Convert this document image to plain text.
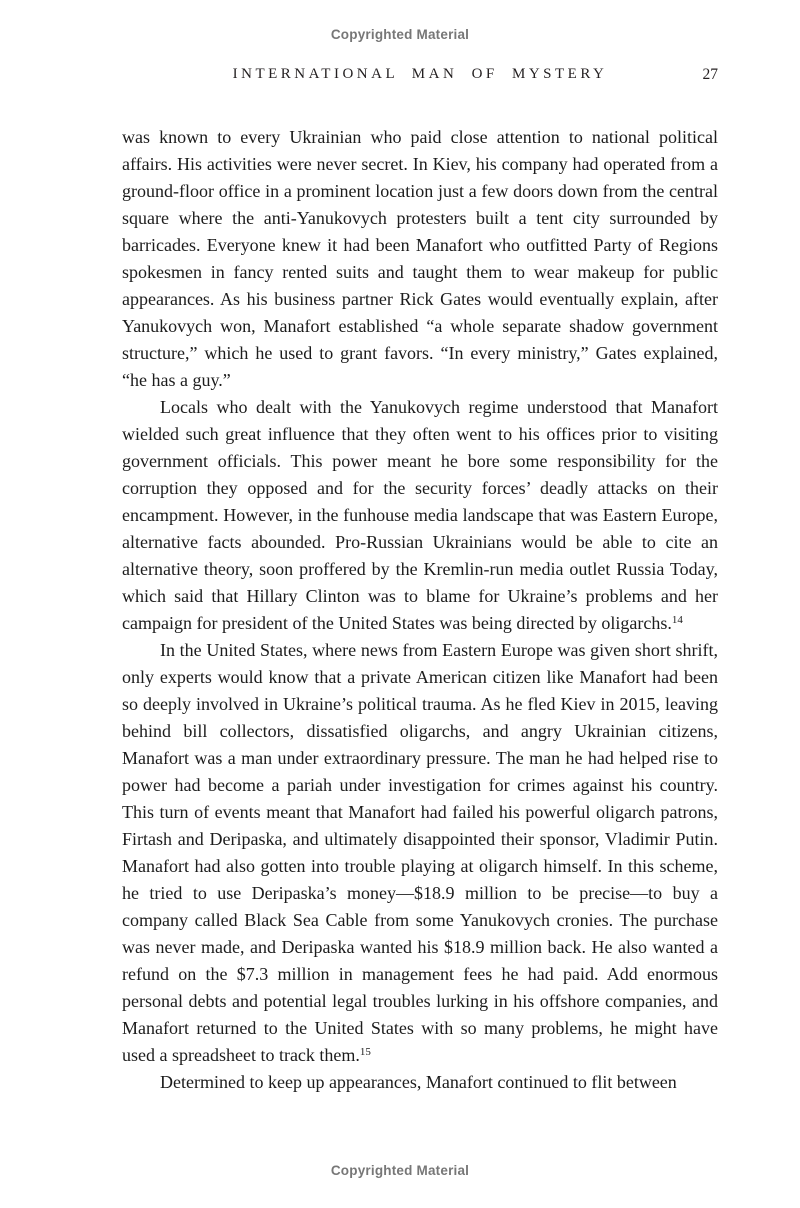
Copyrighted Material
INTERNATIONAL MAN OF MYSTERY	27

was known to every Ukrainian who paid close attention to national political affairs. His activities were never secret. In Kiev, his company had operated from a ground-floor office in a prominent location just a few doors down from the central square where the anti-Yanukovych protesters built a tent city surrounded by barricades. Everyone knew it had been Manafort who outfitted Party of Regions spokesmen in fancy rented suits and taught them to wear makeup for public appearances. As his business partner Rick Gates would eventually explain, after Yanukovych won, Manafort established “a whole separate shadow government structure,” which he used to grant favors. “In every ministry,” Gates explained, “he has a guy.”

Locals who dealt with the Yanukovych regime understood that Manafort wielded such great influence that they often went to his offices prior to visiting government officials. This power meant he bore some responsibility for the corruption they opposed and for the security forces’ deadly attacks on their encampment. However, in the funhouse media landscape that was Eastern Europe, alternative facts abounded. Pro-Russian Ukrainians would be able to cite an alternative theory, soon proffered by the Kremlin-run media outlet Russia Today, which said that Hillary Clinton was to blame for Ukraine’s problems and her campaign for president of the United States was being directed by oligarchs.$^{14}$

In the United States, where news from Eastern Europe was given short shrift, only experts would know that a private American citizen like Manafort had been so deeply involved in Ukraine’s political trauma. As he fled Kiev in 2015, leaving behind bill collectors, dissatisfied oligarchs, and angry Ukrainian citizens, Manafort was a man under extraordinary pressure. The man he had helped rise to power had become a pariah under investigation for crimes against his country. This turn of events meant that Manafort had failed his powerful oligarch patrons, Firtash and Deripaska, and ultimately disappointed their sponsor, Vladimir Putin. Manafort had also gotten into trouble playing at oligarch himself. In this scheme, he tried to use Deripaska’s money—$18.9 million to be precise—to buy a company called Black Sea Cable from some Yanukovych cronies. The purchase was never made, and Deripaska wanted his $18.9 million back. He also wanted a refund on the $7.3 million in management fees he had paid. Add enormous personal debts and potential legal troubles lurking in his offshore companies, and Manafort returned to the United States with so many problems, he might have used a spreadsheet to track them.$^{15}$

Determined to keep up appearances, Manafort continued to flit between

Copyrighted Material
